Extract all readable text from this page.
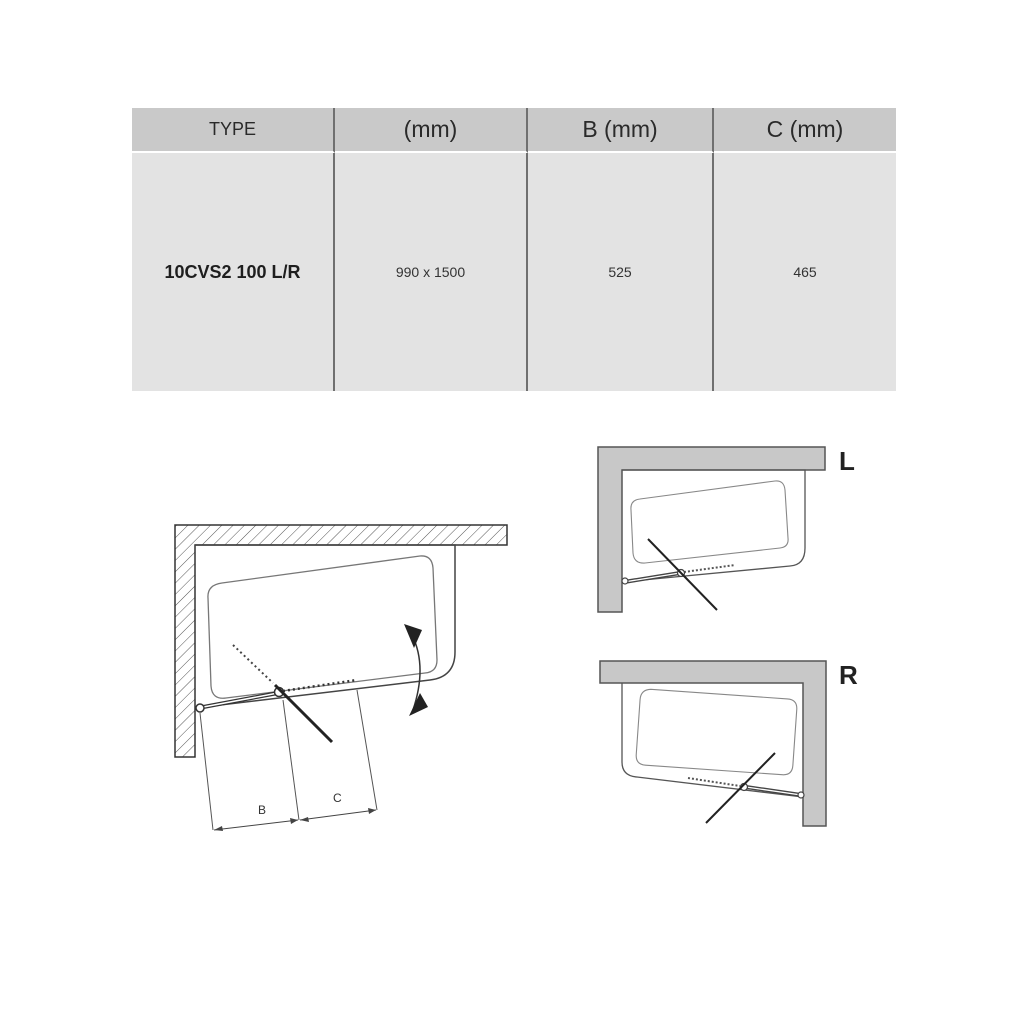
TYPE	(mm)	B (mm)	C (mm)
10CVS2 100 L/R	990 x 1500	525	465
B
C
L
R
